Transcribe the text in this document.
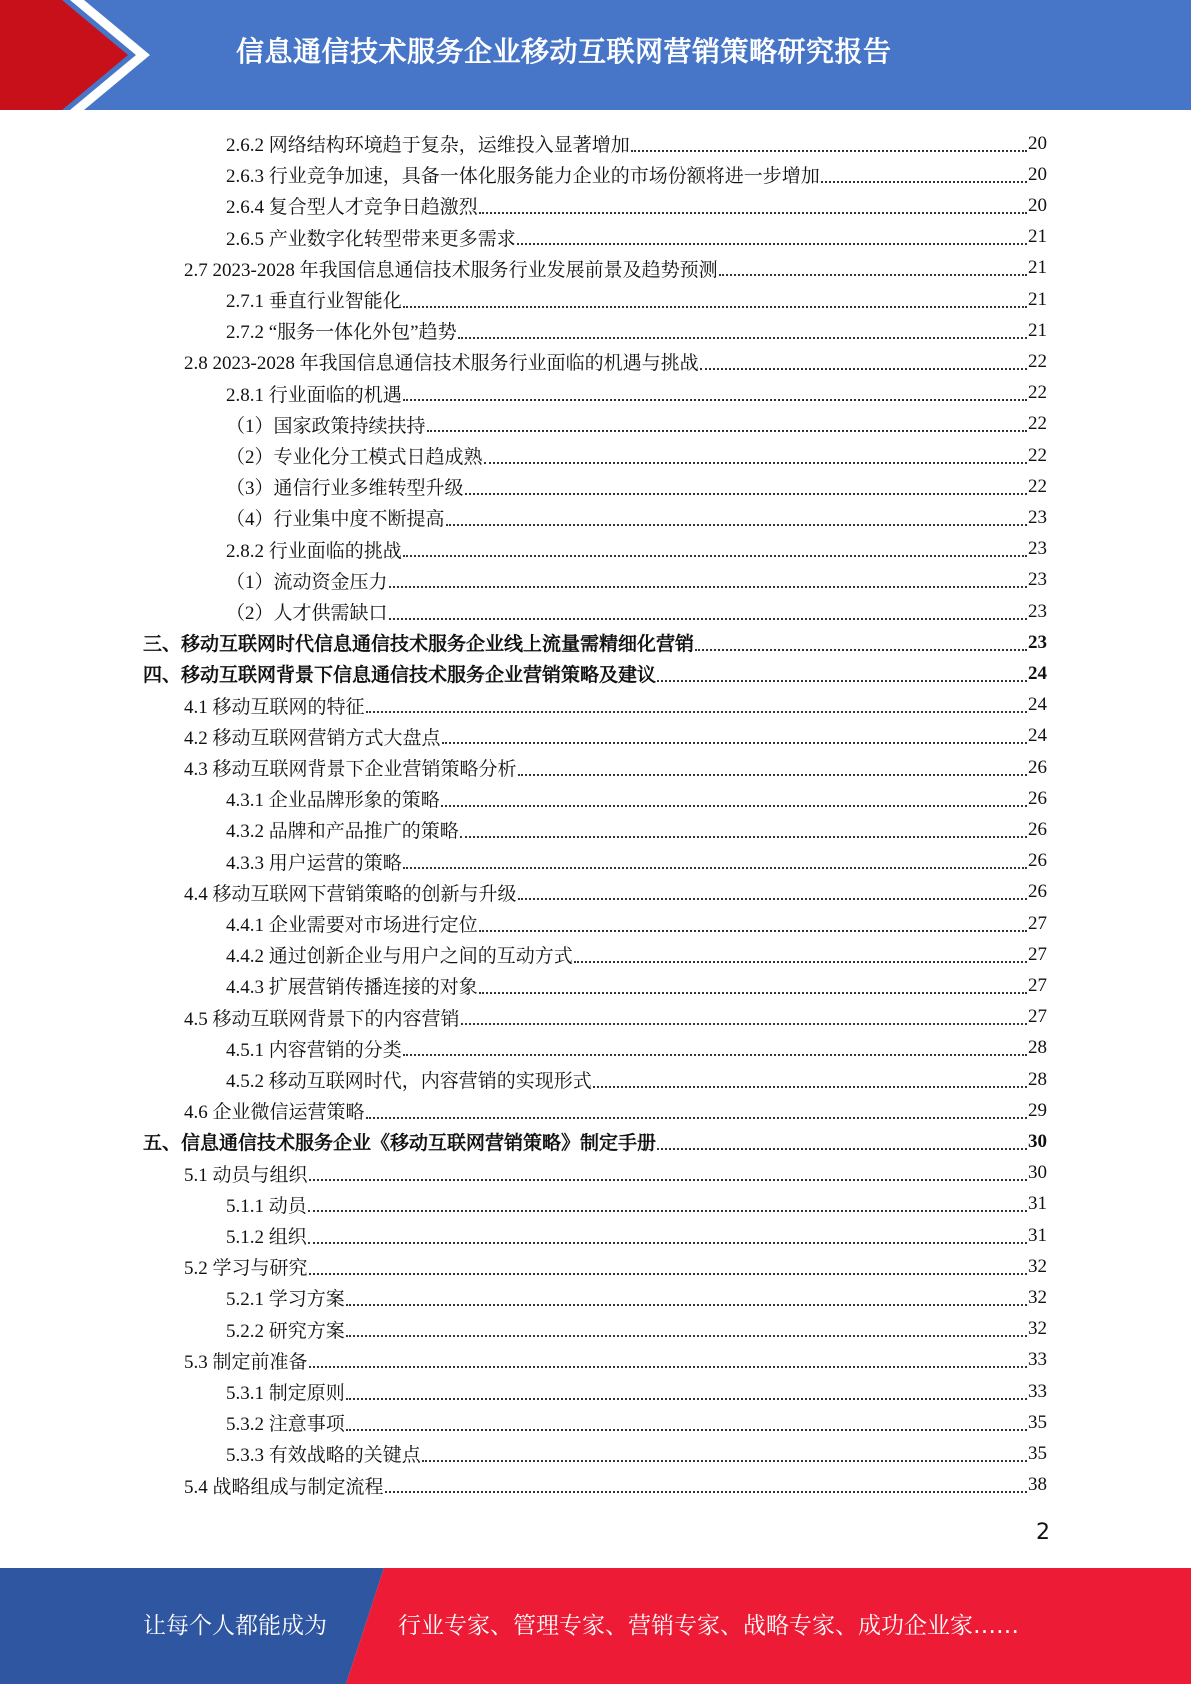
信息通信技术服务企业移动互联网营销策略研究报告
2.6.2 网络结构环境趋于复杂，运维投入显著增加	20
2.6.3 行业竞争加速，具备一体化服务能力企业的市场份额将进一步增加	20
2.6.4 复合型人才竞争日趋激烈	20
2.6.5 产业数字化转型带来更多需求	21
2.7 2023-2028 年我国信息通信技术服务行业发展前景及趋势预测	21
2.7.1 垂直行业智能化	21
2.7.2 “服务一体化外包”趋势	21
2.8 2023-2028 年我国信息通信技术服务行业面临的机遇与挑战	22
2.8.1 行业面临的机遇	22
（1）国家政策持续扶持	22
（2）专业化分工模式日趋成熟	22
（3）通信行业多维转型升级	22
（4）行业集中度不断提高	23
2.8.2 行业面临的挑战	23
（1）流动资金压力	23
（2）人才供需缺口	23
三、移动互联网时代信息通信技术服务企业线上流量需精细化营销	23
四、移动互联网背景下信息通信技术服务企业营销策略及建议	24
4.1 移动互联网的特征	24
4.2 移动互联网营销方式大盘点	24
4.3 移动互联网背景下企业营销策略分析	26
4.3.1 企业品牌形象的策略	26
4.3.2 品牌和产品推广的策略	26
4.3.3 用户运营的策略	26
4.4 移动互联网下营销策略的创新与升级	26
4.4.1 企业需要对市场进行定位	27
4.4.2 通过创新企业与用户之间的互动方式	27
4.4.3 扩展营销传播连接的对象	27
4.5 移动互联网背景下的内容营销	27
4.5.1 内容营销的分类	28
4.5.2 移动互联网时代，内容营销的实现形式	28
4.6 企业微信运营策略	29
五、信息通信技术服务企业《移动互联网营销策略》制定手册	30
5.1 动员与组织	30
5.1.1 动员	31
5.1.2 组织	31
5.2 学习与研究	32
5.2.1 学习方案	32
5.2.2 研究方案	32
5.3 制定前准备	33
5.3.1 制定原则	33
5.3.2 注意事项	35
5.3.3 有效战略的关键点	35
5.4 战略组成与制定流程	38
2
让每个人都能成为	行业专家、管理专家、营销专家、战略专家、成功企业家……
